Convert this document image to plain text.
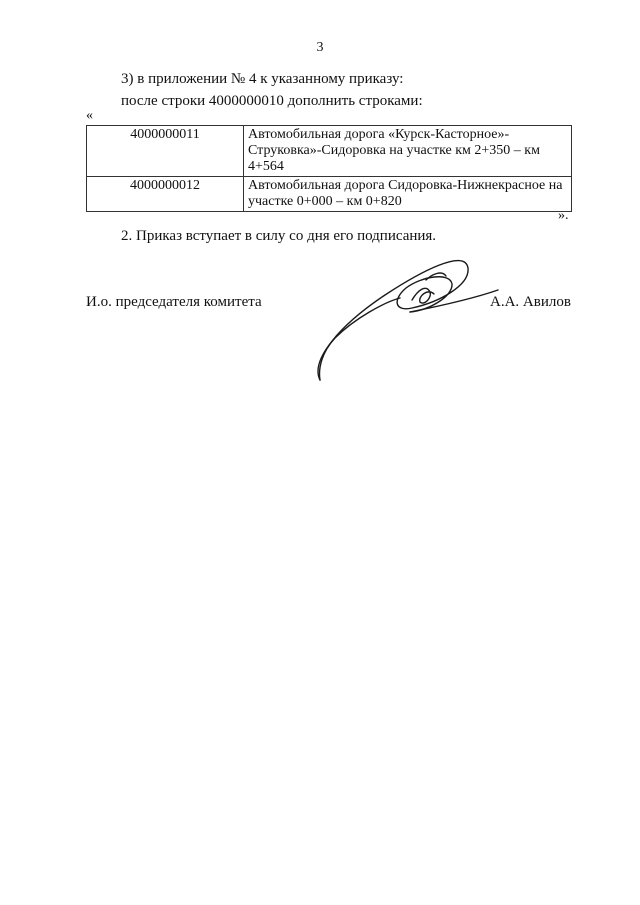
3
3) в приложении № 4 к указанному приказу:
после строки 4000000010 дополнить строками:
«
4000000011	Автомобильная дорога «Курск-Касторное»-Струковка»-Сидоровка на участке км 2+350 – км 4+564
4000000012	Автомобильная дорога Сидоровка-Нижнекрасное на участке 0+000 – км 0+820
».
2. Приказ вступает в силу со дня его подписания.
И.о. председателя комитета	А.А. Авилов
